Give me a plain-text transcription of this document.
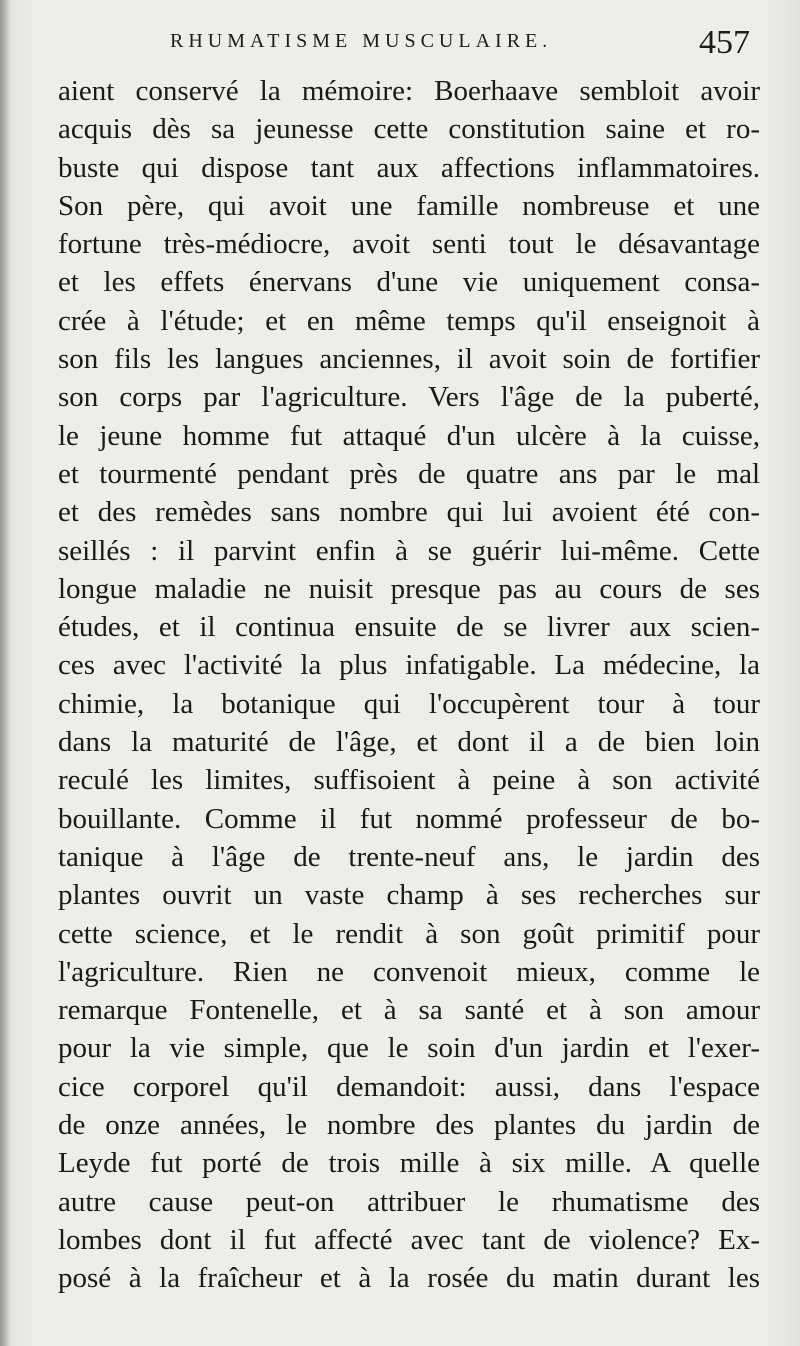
RHUMATISME MUSCULAIRE.	457
aient conservé la mémoire: Boerhaave sembloit avoir
acquis dès sa jeunesse cette constitution saine et ro-
buste qui dispose tant aux affections inflammatoires.
Son père, qui avoit une famille nombreuse et une
fortune très-médiocre, avoit senti tout le désavantage
et les effets énervans d'une vie uniquement consa-
crée à l'étude; et en même temps qu'il enseignoit à
son fils les langues anciennes, il avoit soin de fortifier
son corps par l'agriculture. Vers l'âge de la puberté,
le jeune homme fut attaqué d'un ulcère à la cuisse,
et tourmenté pendant près de quatre ans par le mal
et des remèdes sans nombre qui lui avoient été con-
seillés : il parvint enfin à se guérir lui-même. Cette
longue maladie ne nuisit presque pas au cours de ses
études, et il continua ensuite de se livrer aux scien-
ces avec l'activité la plus infatigable. La médecine, la
chimie, la botanique qui l'occupèrent tour à tour
dans la maturité de l'âge, et dont il a de bien loin
reculé les limites, suffisoient à peine à son activité
bouillante. Comme il fut nommé professeur de bo-
tanique à l'âge de trente-neuf ans, le jardin des
plantes ouvrit un vaste champ à ses recherches sur
cette science, et le rendit à son goût primitif pour
l'agriculture. Rien ne convenoit mieux, comme le
remarque Fontenelle, et à sa santé et à son amour
pour la vie simple, que le soin d'un jardin et l'exer-
cice corporel qu'il demandoit: aussi, dans l'espace
de onze années, le nombre des plantes du jardin de
Leyde fut porté de trois mille à six mille. A quelle
autre cause peut-on attribuer le rhumatisme des
lombes dont il fut affecté avec tant de violence? Ex-
posé à la fraîcheur et à la rosée du matin durant les
